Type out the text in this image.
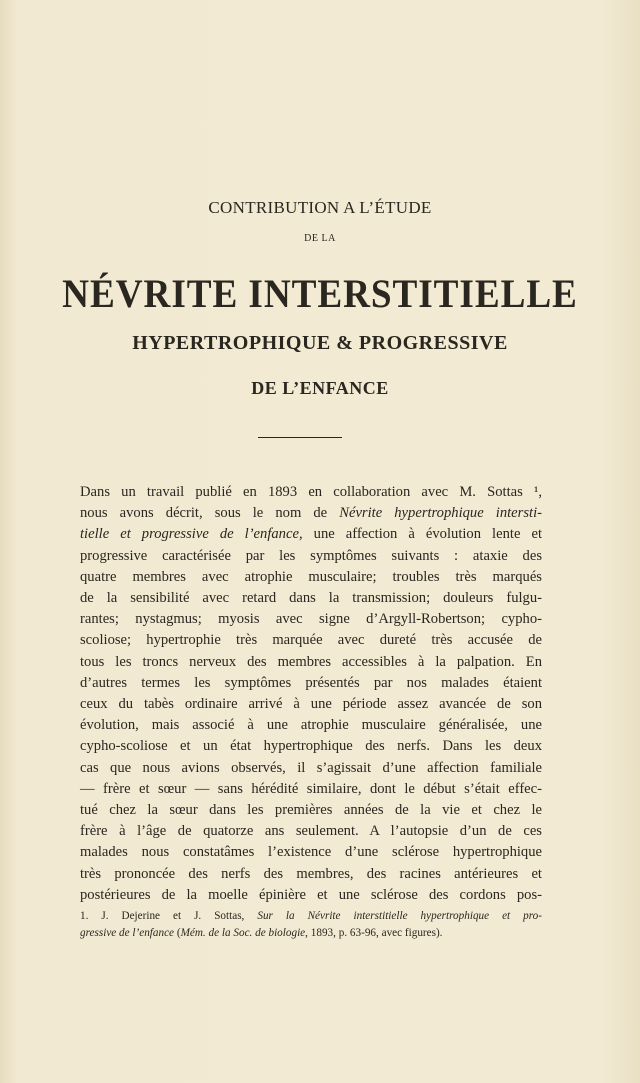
CONTRIBUTION A L’ÉTUDE
DE LA
NÉVRITE INTERSTITIELLE
HYPERTROPHIQUE & PROGRESSIVE
DE L’ENFANCE
Dans un travail publié en 1893 en collaboration avec M. Sottas ¹,
nous avons décrit, sous le nom de Névrite hypertrophique intersti-
tielle et progressive de l’enfance, une affection à évolution lente et
progressive caractérisée par les symptômes suivants : ataxie des
quatre membres avec atrophie musculaire; troubles très marqués
de la sensibilité avec retard dans la transmission; douleurs fulgu-
rantes; nystagmus; myosis avec signe d’Argyll-Robertson; cypho-
scoliose; hypertrophie très marquée avec dureté très accusée de
tous les troncs nerveux des membres accessibles à la palpation. En
d’autres termes les symptômes présentés par nos malades étaient
ceux du tabès ordinaire arrivé à une période assez avancée de son
évolution, mais associé à une atrophie musculaire généralisée, une
cypho-scoliose et un état hypertrophique des nerfs. Dans les deux
cas que nous avions observés, il s’agissait d’une affection familiale
— frère et sœur — sans hérédité similaire, dont le début s’était effec-
tué chez la sœur dans les premières années de la vie et chez le
frère à l’âge de quatorze ans seulement. A l’autopsie d’un de ces
malades nous constatâmes l’existence d’une sclérose hypertrophique
très prononcée des nerfs des membres, des racines antérieures et
postérieures de la moelle épinière et une sclérose des cordons pos-
1. J. Dejerine et J. Sottas, Sur la Névrite interstitielle hypertrophique et pro-
gressive de l’enfance (Mém. de la Soc. de biologie, 1893, p. 63-96, avec figures).
